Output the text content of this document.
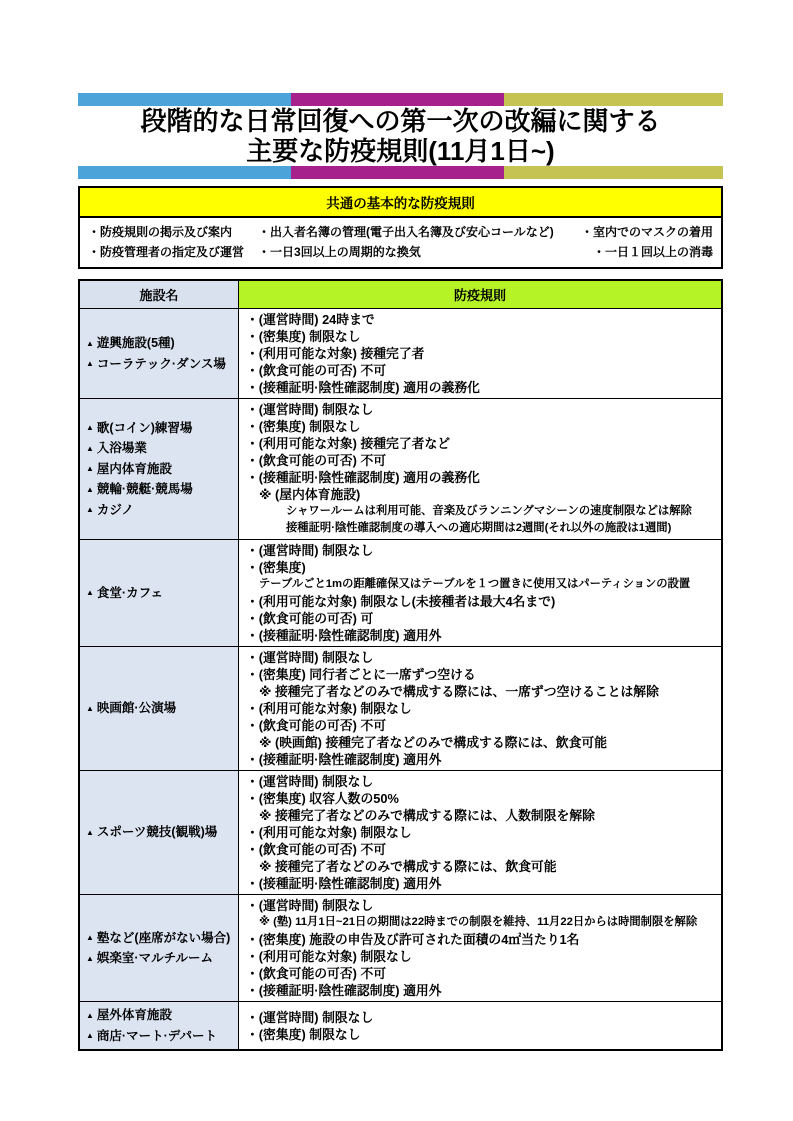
段階的な日常回復への第一次の改編に関する
主要な防疫規則(11月1日~)
共通の基本的な防疫規則
・防疫規則の掲示及び案内
・防疫管理者の指定及び運営
・出入者名簿の管理(電子出入名簿及び安心コールなど)
・一日3回以上の周期的な換気
・室内でのマスクの着用
・一日１回以上の消毒
施設名	防疫規則

▲ 遊興施設(5種)
▲ コーラテック·ダンス場

・(運営時間) 24時まで
・(密集度) 制限なし
・(利用可能な対象) 接種完了者
・(飲食可能の可否) 不可
・(接種証明·陰性確認制度) 適用の義務化

▲ 歌(コイン)練習場
▲ 入浴場業
▲ 屋内体育施設
▲ 競輪·競艇·競馬場
▲ カジノ

・(運営時間) 制限なし
・(密集度) 制限なし
・(利用可能な対象) 接種完了者など
・(飲食可能の可否) 不可
・(接種証明·陰性確認制度) 適用の義務化
※ (屋内体育施設)
シャワールームは利用可能、音楽及びランニングマシーンの速度制限などは解除
接種証明·陰性確認制度の導入への適応期間は2週間(それ以外の施設は1週間)

▲ 食堂·カフェ

・(運営時間) 制限なし
・(密集度)
テーブルごと1mの距離確保又はテーブルを１つ置きに使用又はパーティションの設置
・(利用可能な対象) 制限なし(未接種者は最大4名まで)
・(飲食可能の可否) 可
・(接種証明·陰性確認制度) 適用外

▲ 映画館·公演場

・(運営時間) 制限なし
・(密集度) 同行者ごとに一席ずつ空ける
※ 接種完了者などのみで構成する際には、一席ずつ空けることは解除
・(利用可能な対象) 制限なし
・(飲食可能の可否) 不可
※ (映画館) 接種完了者などのみで構成する際には、飲食可能
・(接種証明·陰性確認制度) 適用外

▲ スポーツ競技(観戦)場

・(運営時間) 制限なし
・(密集度) 収容人数の50%
※ 接種完了者などのみで構成する際には、人数制限を解除
・(利用可能な対象) 制限なし
・(飲食可能の可否) 不可
※ 接種完了者などのみで構成する際には、飲食可能
・(接種証明·陰性確認制度) 適用外

▲ 塾など(座席がない場合)
▲ 娯楽室·マルチルーム

・(運営時間) 制限なし
※ (塾) 11月1日~21日の期間は22時までの制限を維持、11月22日からは時間制限を解除
・(密集度) 施設の申告及び許可された面積の4㎡当たり1名
・(利用可能な対象) 制限なし
・(飲食可能の可否) 不可
・(接種証明·陰性確認制度) 適用外

▲ 屋外体育施設
▲ 商店·マート·デパート

・(運営時間) 制限なし
・(密集度) 制限なし
